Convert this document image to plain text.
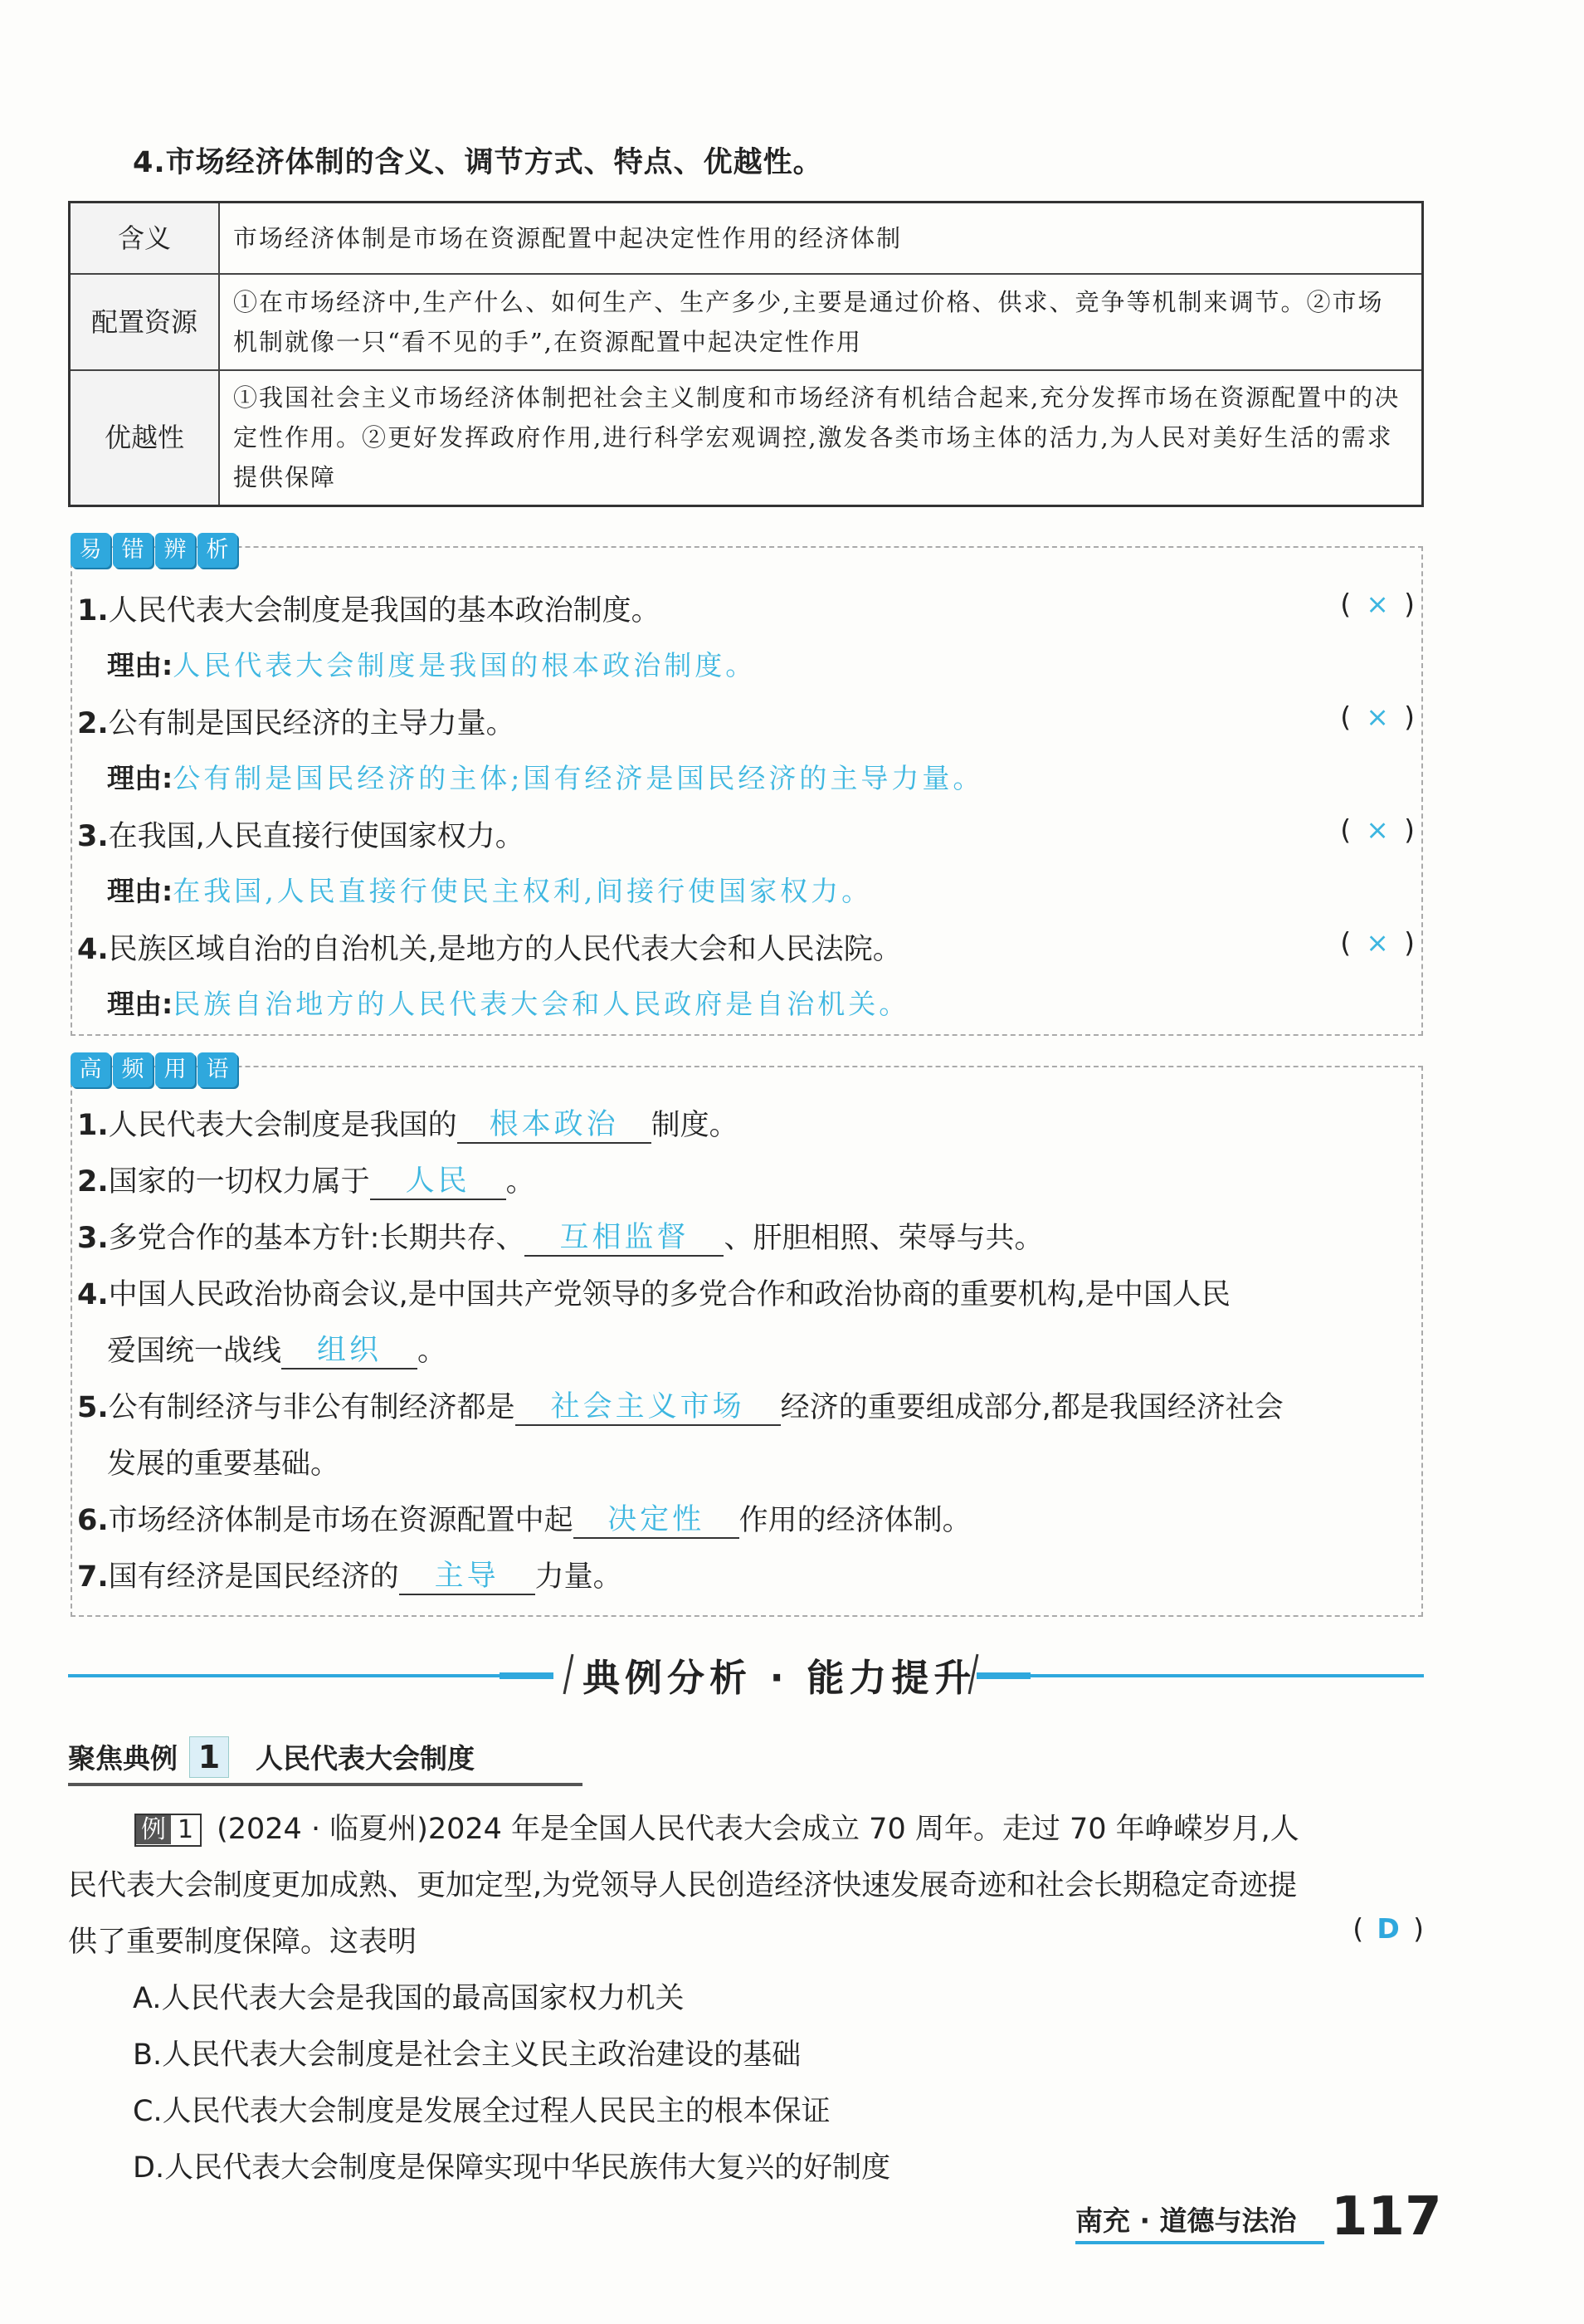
4.市场经济体制的含义、调节方式、特点、优越性。
含义	市场经济体制是市场在资源配置中起决定性作用的经济体制
配置资源	①在市场经济中,生产什么、如何生产、生产多少,主要是通过价格、供求、竞争等机制来调节。②市场机制就像一只“看不见的手”,在资源配置中起决定性作用
优越性	①我国社会主义市场经济体制把社会主义制度和市场经济有机结合起来,充分发挥市场在资源配置中的决定性作用。②更好发挥政府作用,进行科学宏观调控,激发各类市场主体的活力,为人民对美好生活的需求提供保障
易 错 辨 析
1.人民代表大会制度是我国的基本政治制度。	( × )
理由:人民代表大会制度是我国的根本政治制度。
2.公有制是国民经济的主导力量。	( × )
理由:公有制是国民经济的主体;国有经济是国民经济的主导力量。
3.在我国,人民直接行使国家权力。	( × )
理由:在我国,人民直接行使民主权利,间接行使国家权力。
4.民族区域自治的自治机关,是地方的人民代表大会和人民法院。	( × )
理由:民族自治地方的人民代表大会和人民政府是自治机关。
高 频 用 语
1.人民代表大会制度是我国的 根本政治 制度。
2.国家的一切权力属于 人民 。
3.多党合作的基本方针:长期共存、 互相监督 、肝胆相照、荣辱与共。
4.中国人民政治协商会议,是中国共产党领导的多党合作和政治协商的重要机构,是中国人民
爱国统一战线 组织 。
5.公有制经济与非公有制经济都是 社会主义市场 经济的重要组成部分,都是我国经济社会
发展的重要基础。
6.市场经济体制是市场在资源配置中起 决定性 作用的经济体制。
7.国有经济是国民经济的 主导 力量。
典例分析 · 能力提升
聚焦典例 1 人民代表大会制度
例 1 (2024 · 临夏州)2024 年是全国人民代表大会成立 70 周年。走过 70 年峥嵘岁月,人
民代表大会制度更加成熟、更加定型,为党领导人民创造经济快速发展奇迹和社会长期稳定奇迹提
供了重要制度保障。这表明	( D )
A.人民代表大会是我国的最高国家权力机关
B.人民代表大会制度是社会主义民主政治建设的基础
C.人民代表大会制度是发展全过程人民民主的根本保证
D.人民代表大会制度是保障实现中华民族伟大复兴的好制度
南充 · 道德与法治 117
